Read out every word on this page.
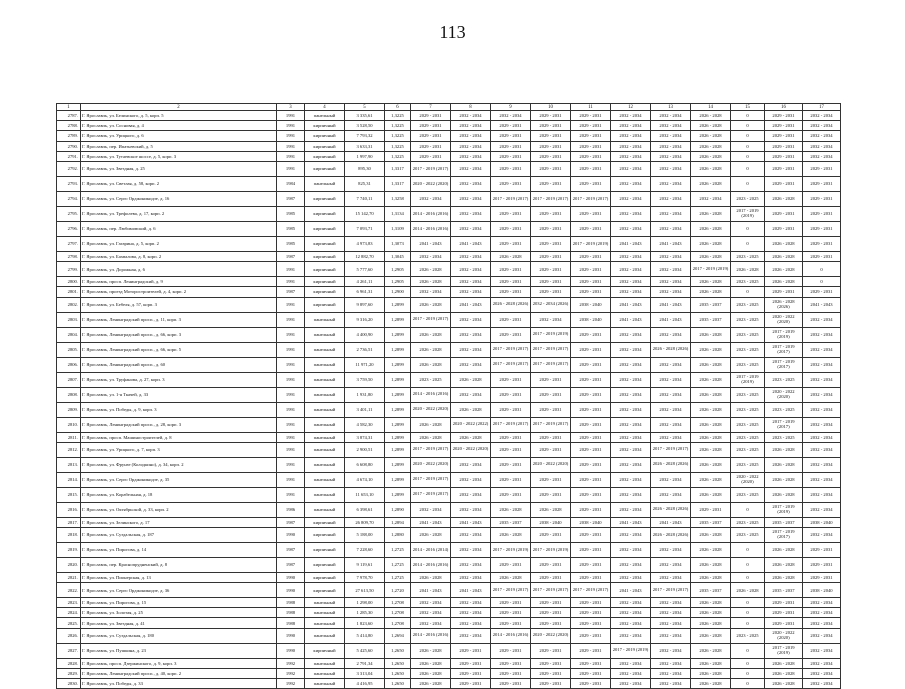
113
1	2	3	4	5	6	7	8	9	10	11	12	13	14	15	16	17
2787.	Г. Ярославль, ул. Белинского, д. 5, корп. 5	1991	панельный	3 335,61	1,3225	2029 - 2031	2032 - 2034	2032 - 2034	2029 - 2031	2029 - 2031	2032 - 2034	2032 - 2034	2026 - 2028	0	2029 - 2031	2032 - 2034
2788.	Г. Ярославль, ул. Сосновая, д. 4	1991	кирпичный	3 528,50	1,3225	2029 - 2031	2032 - 2034	2029 - 2031	2029 - 2031	2029 - 2031	2032 - 2034	2032 - 2034	2026 - 2028	0	2029 - 2031	2032 - 2034
2789.	Г. Ярославль, ул. Урицкого, д. 6	1991	кирпичный	7 793,32	1,3225	2029 - 2031	2032 - 2034	2029 - 2031	2029 - 2031	2029 - 2031	2032 - 2034	2032 - 2034	2026 - 2028	0	2029 - 2031	2032 - 2034
2790.	Г. Ярославль, пер. Ипатьевский, д. 5	1991	кирпичный	3 633,31	1,3225	2029 - 2031	2032 - 2034	2029 - 2031	2029 - 2031	2029 - 2031	2032 - 2034	2032 - 2034	2026 - 2028	0	2029 - 2031	2032 - 2034
2791.	Г. Ярославль, ул. Тутаевское шоссе, д. 5, корп. 3	1991	кирпичный	1 997,90	1,3225	2029 - 2031	2032 - 2034	2029 - 2031	2029 - 2031	2029 - 2031	2032 - 2034	2032 - 2034	2026 - 2028	0	2029 - 2031	2032 - 2034
2792.	Г. Ярославль, ул. Звездная, д. 25	1991	кирпичный	895,30	1,3317	2017 - 2019 (2017)	2032 - 2034	2029 - 2031	2029 - 2031	2029 - 2031	2032 - 2034	2032 - 2034	2026 - 2028	0	2029 - 2031	2029 - 2031
2793.	Г. Ярославль, ул. Светлая, д. 58, корп. 2	1984	панельный	825,31	1,3317	2020 - 2022 (2020)	2032 - 2034	2029 - 2031	2029 - 2031	2029 - 2031	2032 - 2034	2032 - 2034	2026 - 2028	0	2029 - 2031	2029 - 2031
2794.	Г. Ярославль, ул. Серго Орджоникидзе, д. 16	1987	кирпичный	7 740,11	1,3258	2032 - 2034	2032 - 2034	2017 - 2019 (2017)	2017 - 2019 (2017)	2017 - 2019 (2017)	2032 - 2034	2032 - 2034	2032 - 2034	2023 - 2025	2026 - 2028	2029 - 2031
2795.	Г. Ярославль, ул. Трефолева, д. 17, корп. 2	1985	кирпичный	15 142,70	1,3134	2014 - 2016 (2016)	2032 - 2034	2029 - 2031	2029 - 2031	2029 - 2031	2032 - 2034	2032 - 2034	2026 - 2028	2017 - 2019 (2019)	2029 - 2031	2029 - 2031
2796.	Г. Ярославль, пер. Любимовский, д. 6	1985	кирпичный	7 093,71	1,3109	2014 - 2016 (2016)	2032 - 2034	2029 - 2031	2029 - 2031	2029 - 2031	2032 - 2034	2032 - 2034	2026 - 2028	0	2029 - 2031	2029 - 2031
2797.	Г. Ярославль, ул. Гагарина, д. 5, корп. 2	1985	кирпичный	4 973,83	1,3073	2041 - 2043	2041 - 2043	2029 - 2031	2029 - 2031	2017 - 2019 (2019)	2041 - 2043	2041 - 2043	2026 - 2028	0	2026 - 2028	2029 - 2031
2798.	Г. Ярославль, ул. Бахвалова, д. 8, корп. 2	1987	кирпичный	12 882,70	1,3045	2032 - 2034	2032 - 2034	2026 - 2028	2029 - 2031	2029 - 2031	2032 - 2034	2032 - 2034	2026 - 2028	2023 - 2025	2026 - 2028	2029 - 2031
2799.	Г. Ярославль, ул. Дорожная, д. 6	1991	кирпичный	5 777,60	1,2905	2026 - 2028	2032 - 2034	2029 - 2031	2029 - 2031	2029 - 2031	2032 - 2034	2032 - 2034	2017 - 2019 (2019)	2026 - 2028	2026 - 2028	0
2800.	Г. Ярославль, просп. Ленинградский, д. 9	1991	кирпичный	4 261,11	1,2905	2026 - 2028	2032 - 2034	2029 - 2031	2029 - 2031	2029 - 2031	2032 - 2034	2032 - 2034	2026 - 2028	2023 - 2025	2026 - 2028	0
2801.	Г. Ярославль, проезд Моторостроителей, д. 4, корп. 2	1987	кирпичный	6 961,31	1,2900	2032 - 2034	2032 - 2034	2029 - 2031	2029 - 2031	2029 - 2031	2032 - 2034	2032 - 2034	2026 - 2028	0	2029 - 2031	2029 - 2031
2802.	Г. Ярославль, ул. Бебеля, д. 57, корп. 3	1991	кирпичный	9 897,60	1,2899	2026 - 2028	2041 - 2043	2026 - 2028 (2026)	2032 - 2034 (2026)	2038 - 2040	2041 - 2043	2041 - 2043	2035 - 2037	2023 - 2025	2026 - 2028 (2026)	2041 - 2043
2803.	Г. Ярославль, Ленинградский просп., д. 11, корп. 3	1991	панельный	9 316,20	1,2899	2017 - 2019 (2017)	2032 - 2034	2029 - 2031	2032 - 2034	2038 - 2040	2041 - 2043	2041 - 2043	2035 - 2037	2023 - 2025	2020 - 2022 (2020)	2032 - 2034
2804.	Г. Ярославль, Ленинградский просп., д. 66, корп. 3	1991	панельный	4 400,90	1,2899	2026 - 2028	2032 - 2034	2029 - 2031	2017 - 2019 (2019)	2029 - 2031	2032 - 2034	2032 - 2034	2026 - 2028	2023 - 2025	2017 - 2019 (2019)	2032 - 2034
2805.	Г. Ярославль, Ленинградский просп., д. 66, корп. 5	1991	панельный	2 736,51	1,2899	2026 - 2028	2032 - 2034	2017 - 2019 (2017)	2017 - 2019 (2017)	2029 - 2031	2032 - 2034	2026 - 2028 (2026)	2026 - 2028	2023 - 2025	2017 - 2019 (2017)	2032 - 2034
2806.	Г. Ярославль, Ленинградский просп., д. 60	1991	панельный	11 971,20	1,2899	2026 - 2028	2032 - 2034	2017 - 2019 (2017)	2017 - 2019 (2017)	2029 - 2031	2032 - 2034	2032 - 2034	2026 - 2028	2023 - 2025	2017 - 2019 (2017)	2032 - 2034
2807.	Г. Ярославль, ул. Труфанова, д. 27, корп. 3	1991	панельный	3 759,50	1,2899	2023 - 2025	2026 - 2028	2029 - 2031	2029 - 2031	2029 - 2031	2032 - 2034	2032 - 2034	2026 - 2028	2017 - 2019 (2019)	2023 - 2025	2032 - 2034
2808.	Г. Ярославль, ул. 1-я Ткачей, д. 33	1991	панельный	1 931,80	1,2899	2014 - 2016 (2016)	2032 - 2034	2029 - 2031	2029 - 2031	2029 - 2031	2032 - 2034	2032 - 2034	2026 - 2028	2023 - 2025	2020 - 2022 (2020)	2032 - 2034
2809.	Г. Ярославль, ул. Победы, д. 9, корп. 3	1991	панельный	3 401,11	1,2899	2020 - 2022 (2020)	2026 - 2028	2029 - 2031	2029 - 2031	2029 - 2031	2032 - 2034	2032 - 2034	2026 - 2028	2023 - 2025	2023 - 2025	2032 - 2034
2810.	Г. Ярославль, Ленинградский просп., д. 28, корп. 3	1991	панельный	4 582,30	1,2899	2026 - 2028	2020 - 2022 (2022)	2017 - 2019 (2017)	2017 - 2019 (2017)	2029 - 2031	2032 - 2034	2032 - 2034	2026 - 2028	2023 - 2025	2017 - 2019 (2017)	2032 - 2034
2811.	Г. Ярославль, просп. Машиностроителей, д. 8	1991	панельный	3 874,31	1,2899	2026 - 2028	2026 - 2028	2029 - 2031	2029 - 2031	2029 - 2031	2032 - 2034	2032 - 2034	2026 - 2028	2023 - 2025	2023 - 2025	2032 - 2034
2812.	Г. Ярославль, ул. Урицкого, д. 7, корп. 3	1991	панельный	2 900,51	1,2899	2017 - 2019 (2017)	2020 - 2022 (2020)	2029 - 2031	2029 - 2031	2029 - 2031	2032 - 2034	2017 - 2019 (2017)	2026 - 2028	2023 - 2025	2026 - 2028	2032 - 2034
2813.	Г. Ярославль, ул. Фрунзе (Колодкино), д. 34, корп. 2	1991	панельный	6 608,80	1,2899	2020 - 2022 (2020)	2032 - 2034	2029 - 2031	2020 - 2022 (2020)	2029 - 2031	2032 - 2034	2026 - 2028 (2026)	2026 - 2028	2023 - 2025	2026 - 2028	2032 - 2034
2814.	Г. Ярославль, ул. Серго Орджоникидзе, д. 35	1991	панельный	4 674,10	1,2899	2017 - 2019 (2017)	2032 - 2034	2029 - 2031	2029 - 2031	2029 - 2031	2032 - 2034	2032 - 2034	2026 - 2028	2020 - 2022 (2020)	2026 - 2028	2032 - 2034
2815.	Г. Ярославль, ул. Корабельная, д. 18	1991	панельный	11 653,10	1,2899	2017 - 2019 (2017)	2032 - 2034	2029 - 2031	2029 - 2031	2029 - 2031	2032 - 2034	2032 - 2034	2026 - 2028	2023 - 2025	2026 - 2028	2032 - 2034
2816.	Г. Ярославль, ул. Октябрьской, д. 33, корп. 2	1986	панельный	6 398,61	1,2890	2032 - 2034	2032 - 2034	2026 - 2028	2026 - 2028	2029 - 2031	2032 - 2034	2026 - 2028 (2026)	2029 - 2031	0	2017 - 2019 (2019)	2032 - 2034
2817.	Г. Ярославль, ул. Зелинского, д. 17	1987	кирпичный	26 809,70	1,2894	2041 - 2043	2041 - 2043	2035 - 2037	2038 - 2040	2038 - 2040	2041 - 2043	2041 - 2043	2035 - 2037	2023 - 2025	2035 - 2037	2038 - 2040
2818.	Г. Ярославль, ул. Суздальская, д. 187	1990	кирпичный	5 188,00	1,2880	2026 - 2028	2032 - 2034	2026 - 2028	2029 - 2031	2029 - 2031	2032 - 2034	2026 - 2028 (2026)	2026 - 2028	2023 - 2025	2017 - 2019 (2017)	2032 - 2034
2819.	Г. Ярославль, ул. Пирогова, д. 14	1987	кирпичный	7 228,60	1,2725	2014 - 2016 (2014)	2032 - 2034	2017 - 2019 (2019)	2017 - 2019 (2019)	2029 - 2031	2032 - 2034	2032 - 2034	2026 - 2028	0	2026 - 2028	2029 - 2031
2820.	Г. Ярославль, пер. Краснопрудненский, д. 8	1987	кирпичный	9 119,61	1,2725	2014 - 2016 (2016)	2032 - 2034	2029 - 2031	2029 - 2031	2029 - 2031	2032 - 2034	2032 - 2034	2026 - 2028	0	2026 - 2028	2029 - 2031
2821.	Г. Ярославль, ул. Пионерская, д. 13	1990	кирпичный	7 978,70	1,2725	2026 - 2028	2032 - 2034	2026 - 2028	2029 - 2031	2029 - 2031	2032 - 2034	2032 - 2034	2026 - 2028	0	2026 - 2028	2029 - 2031
2822.	Г. Ярославль, ул. Серго Орджоникидзе, д. 36	1990	кирпичный	27 613,50	1,2720	2041 - 2043	2041 - 2043	2017 - 2019 (2017)	2017 - 2019 (2017)	2017 - 2019 (2017)	2041 - 2043	2017 - 2019 (2017)	2035 - 2037	2026 - 2028	2035 - 2037	2038 - 2040
2823.	Г. Ярославль, ул. Пирогова, д. 15	1988	панельный	1 298,00	1,2708	2032 - 2034	2032 - 2034	2029 - 2031	2029 - 2031	2029 - 2031	2032 - 2034	2032 - 2034	2026 - 2028	0	2029 - 2031	2032 - 2034
2824.	Г. Ярославль, ул. Золотая, д. 25	1988	панельный	1 285,30	1,2708	2032 - 2034	2032 - 2034	2029 - 2031	2029 - 2031	2029 - 2031	2032 - 2034	2032 - 2034	2026 - 2028	0	2029 - 2031	2032 - 2034
2825.	Г. Ярославль, ул. Звездная, д. 41	1988	панельный	1 823,60	1,2708	2032 - 2034	2032 - 2034	2029 - 2031	2029 - 2031	2029 - 2031	2032 - 2034	2032 - 2034	2026 - 2028	0	2029 - 2031	2032 - 2034
2826.	Г. Ярославль, ул. Суздальская, д. 180	1990	панельный	5 414,80	1,2694	2014 - 2016 (2016)	2032 - 2034	2014 - 2016 (2016)	2020 - 2022 (2020)	2029 - 2031	2032 - 2034	2032 - 2034	2026 - 2028	2023 - 2025	2020 - 2022 (2020)	2032 - 2034
2827.	Г. Ярославль, ул. Пушкина, д. 23	1990	кирпичный	5 425,60	1,2650	2026 - 2028	2029 - 2031	2029 - 2031	2029 - 2031	2029 - 2031	2017 - 2019 (2019)	2032 - 2034	2026 - 2028	0	2017 - 2019 (2019)	2032 - 2034
2828.	Г. Ярославль, просп. Дзержинского, д. 9, корп. 3	1992	панельный	2 791,34	1,2650	2026 - 2028	2029 - 2031	2029 - 2031	2029 - 2031	2029 - 2031	2032 - 2034	2032 - 2034	2026 - 2028	0	2026 - 2028	2032 - 2034
2829.	Г. Ярославль, Ленинградский просп., д. 40, корп. 2	1992	панельный	3 313,04	1,2650	2026 - 2028	2029 - 2031	2029 - 2031	2029 - 2031	2029 - 2031	2032 - 2034	2032 - 2034	2026 - 2028	0	2026 - 2028	2032 - 2034
2830.	Г. Ярославль, ул. Победы, д. 33	1992	панельный	4 416,95	1,2650	2026 - 2028	2029 - 2031	2029 - 2031	2029 - 2031	2029 - 2031	2032 - 2034	2032 - 2034	2026 - 2028	0	2026 - 2028	2032 - 2034
